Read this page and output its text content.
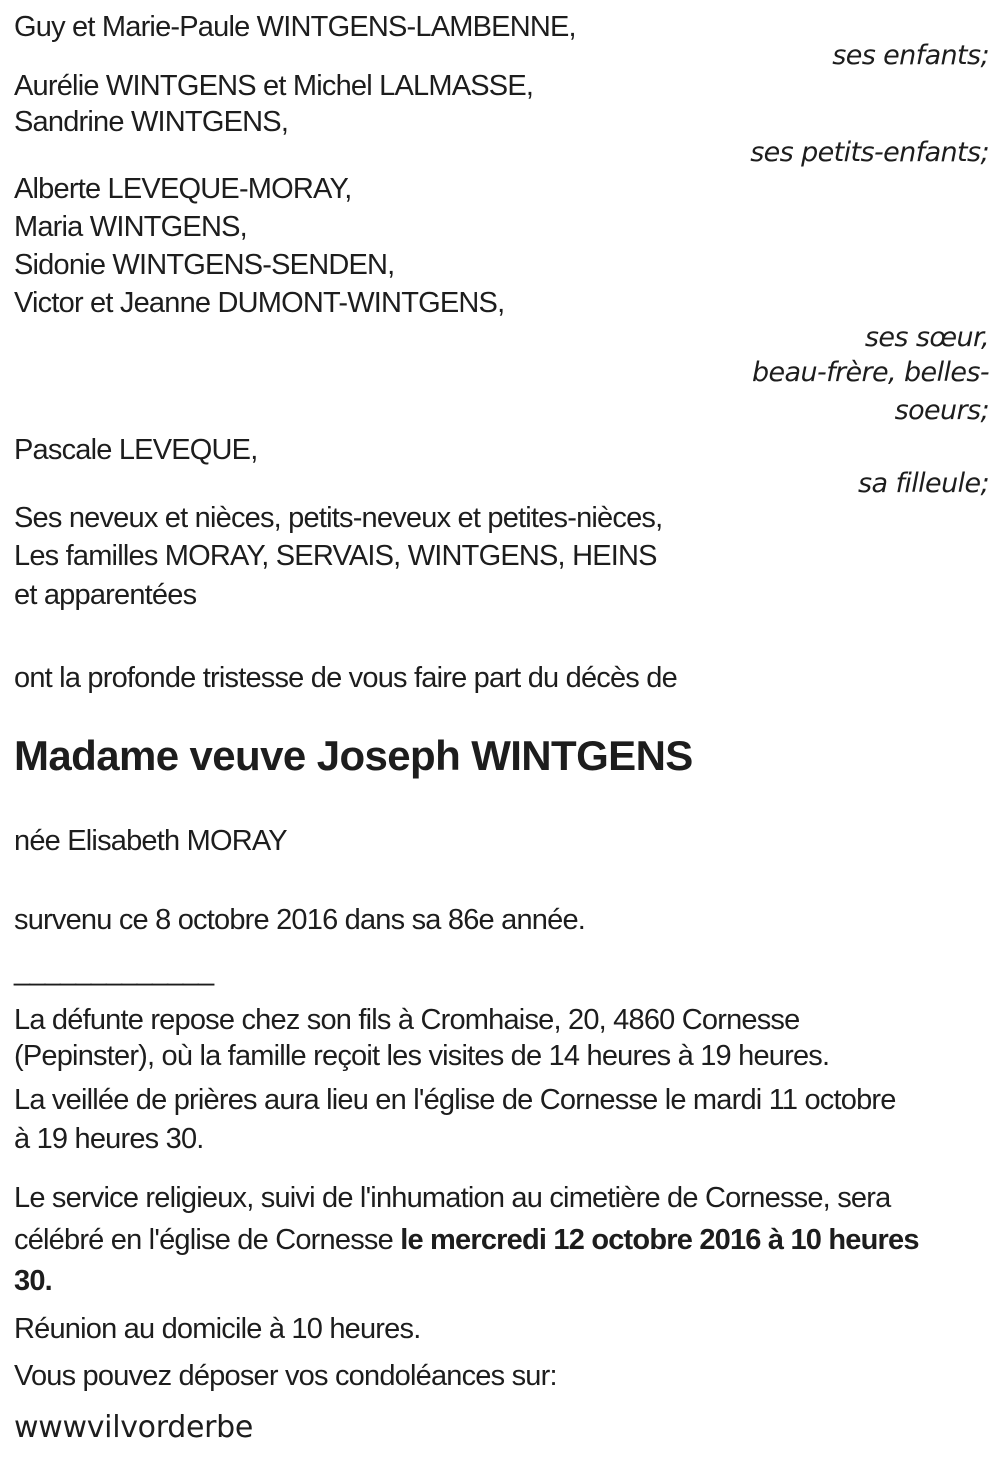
Guy et Marie-Paule WINTGENS-LAMBENNE,
ses enfants;
Aurélie WINTGENS et Michel LALMASSE,
Sandrine WINTGENS,
ses petits-enfants;
Alberte LEVEQUE-MORAY,
Maria WINTGENS,
Sidonie WINTGENS-SENDEN,
Victor et Jeanne DUMONT-WINTGENS,
ses sœur,
beau-frère, belles-
soeurs;
Pascale LEVEQUE,
sa filleule;
Ses neveux et nièces, petits-neveux et petites-nièces,
Les familles MORAY, SERVAIS, WINTGENS, HEINS
et apparentées
ont la profonde tristesse de vous faire part du décès de
Madame veuve Joseph WINTGENS
née Elisabeth MORAY
survenu ce 8 octobre 2016 dans sa 86e année.
_____________
La défunte repose chez son fils à Cromhaise, 20, 4860 Cornesse
(Pepinster), où la famille reçoit les visites de 14 heures à 19 heures.
La veillée de prières aura lieu en l'église de Cornesse le mardi 11 octobre
à 19 heures 30.
Le service religieux, suivi de l'inhumation au cimetière de Cornesse, sera
célébré en l'église de Cornesse le mercredi 12 octobre 2016 à 10 heures
30.
Réunion au domicile à 10 heures.
Vous pouvez déposer vos condoléances sur:
wwwvilvorderbe
